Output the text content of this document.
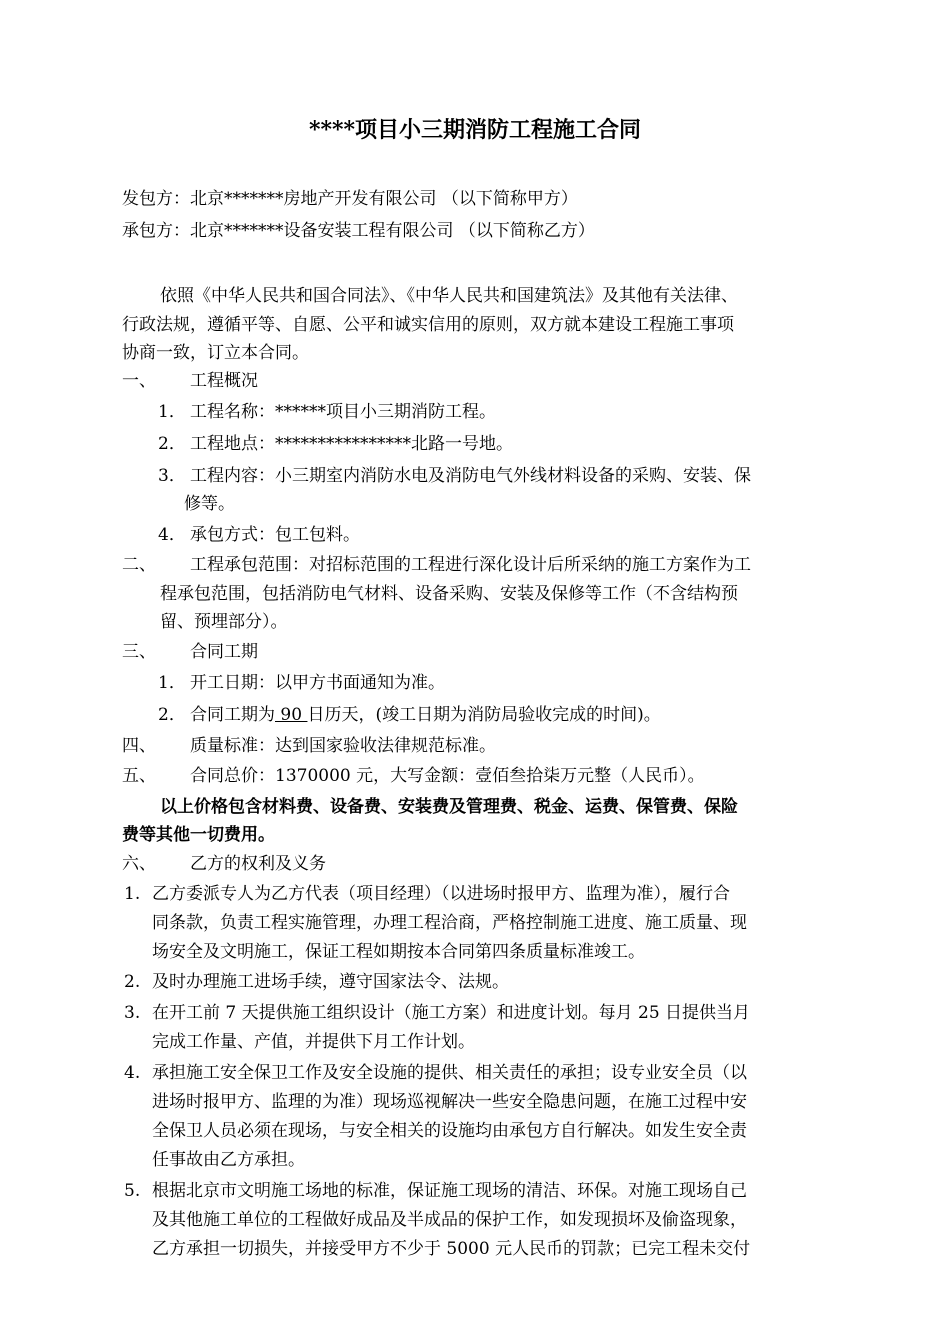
****项目小三期消防工程施工合同
发包方：北京*******房地产开发有限公司 （以下简称甲方）
承包方：北京*******设备安装工程有限公司 （以下简称乙方）
依照《中华人民共和国合同法》、《中华人民共和国建筑法》及其他有关法律、
行政法规，遵循平等、自愿、公平和诚实信用的原则，双方就本建设工程施工事项
协商一致，订立本合同。
一、 工程概况
1． 工程名称：******项目小三期消防工程。
2． 工程地点：****************北路一号地。
3． 工程内容：小三期室内消防水电及消防电气外线材料设备的采购、安装、保
修等。
4． 承包方式：包工包料。
二、 工程承包范围：对招标范围的工程进行深化设计后所采纳的施工方案作为工
程承包范围，包括消防电气材料、设备采购、安装及保修等工作（不含结构预
留、预埋部分）。
三、 合同工期
1． 开工日期：以甲方书面通知为准。
2． 合同工期为 90 日历天，(竣工日期为消防局验收完成的时间)。
四、 质量标准：达到国家验收法律规范标准。
五、 合同总价：1370000 元，大写金额：壹佰叁拾柒万元整（人民币）。
以上价格包含材料费、设备费、安装费及管理费、税金、运费、保管费、保险
费等其他一切费用。
六、 乙方的权利及义务
1. 乙方委派专人为乙方代表（项目经理）（以进场时报甲方、监理为准），履行合
同条款，负责工程实施管理，办理工程洽商，严格控制施工进度、施工质量、现
场安全及文明施工，保证工程如期按本合同第四条质量标准竣工。
2. 及时办理施工进场手续，遵守国家法令、法规。
3. 在开工前 7 天提供施工组织设计（施工方案）和进度计划。每月 25 日提供当月
完成工作量、产值，并提供下月工作计划。
4. 承担施工安全保卫工作及安全设施的提供、相关责任的承担；设专业安全员（以
进场时报甲方、监理的为准）现场巡视解决一些安全隐患问题，在施工过程中安
全保卫人员必须在现场，与安全相关的设施均由承包方自行解决。如发生安全责
任事故由乙方承担。
5. 根据北京市文明施工场地的标准，保证施工现场的清洁、环保。对施工现场自己
及其他施工单位的工程做好成品及半成品的保护工作，如发现损坏及偷盗现象，
乙方承担一切损失，并接受甲方不少于 5000 元人民币的罚款；已完工程未交付
